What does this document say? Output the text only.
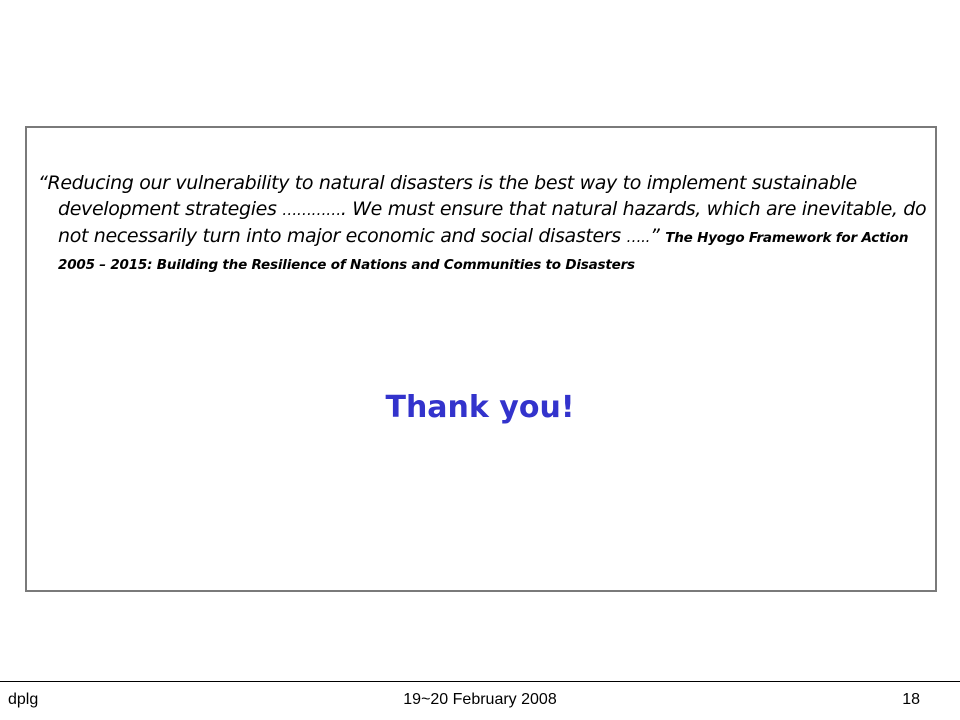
“Reducing our vulnerability to natural disasters is the best way to implement sustainable development strategies …………. We must ensure that natural hazards, which are inevitable, do not necessarily turn into major economic and social disasters …..” The Hyogo Framework for Action 2005 – 2015: Building the Resilience of Nations and Communities to Disasters

Thank you!
dplg	19~20 February 2008	18
